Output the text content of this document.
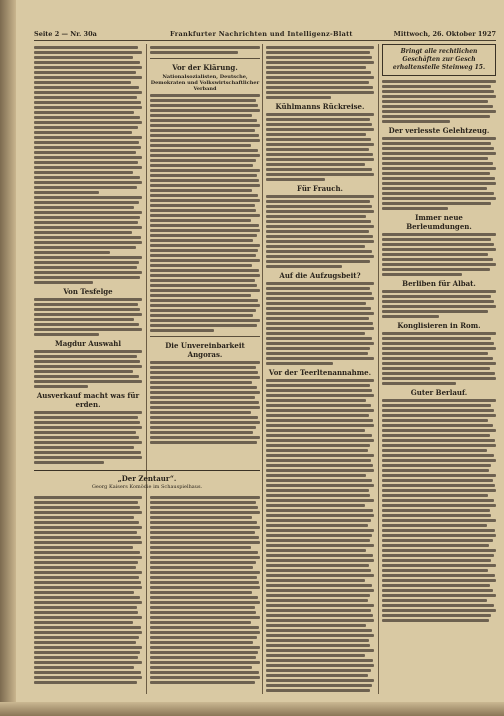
Seite 2 — Nr. 30a	Frankfurter Nachrichten und Intelligenz-Blatt	Mittwoch, 26. Oktober 1927
Von Tesfelge
Magdur Auswahl
Ausverkauf macht was für erden.
Vor der Klärung.
Nationalsozialisten, Deutsche, Demokraten und Volkswirtschaftlicher Verband
Die Unvereinbarkeit Angoras.
„Der Zentaur“.
Georg Kaisers Komödie im Schauspielhaus.
Kühlmanns Rückreise.
Für Frauch.
Auf die Aufzugsbeit?
Vor der Teerltenannahme.
Bringt alle rechtlichen Geschäften zur Gesch
erhaltenstelle Steinweg 15.
Der verlesste Gelehtzeug.
Immer neue Berleumdungen.
Berliben für Albat.
Konglisieren in Rom.
Guter Berlauf.
